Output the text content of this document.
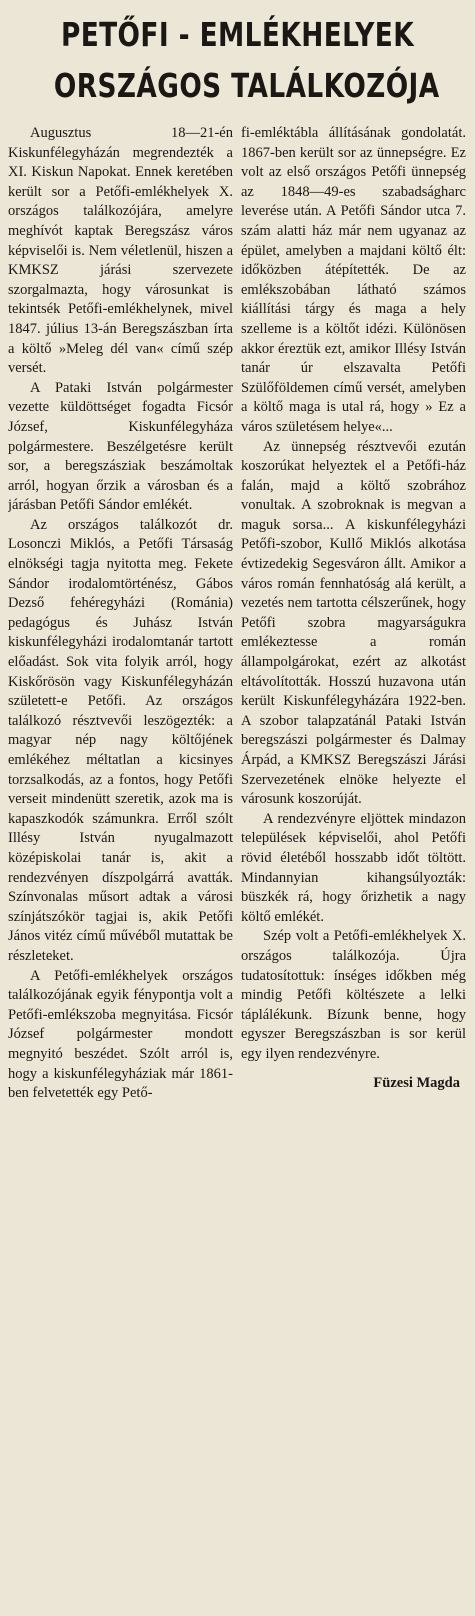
PETŐFI - EMLÉKHELYEK
ORSZÁGOS TALÁLKOZÓJA

Augusztus 18—21-én Kiskunfélegyházán megrendezték a XI. Kiskun Napokat. Ennek keretében került sor a Petőfi-emlékhelyek X. országos találkozójára, amelyre meghívót kaptak Beregszász város képviselői is. Nem véletlenül, hiszen a KMKSZ járási szervezete szorgalmazta, hogy városunkat is tekintsék Petőfi-emlékhelynek, mivel 1847. július 13-án Beregszászban írta a költő »Meleg dél van« című szép versét.

A Pataki István polgármester vezette küldöttséget fogadta Ficsór József, Kiskunfélegyháza polgármestere. Beszélgetésre került sor, a beregszásziak beszámoltak arról, hogyan őrzik a városban és a járásban Petőfi Sándor emlékét.

Az országos találkozót dr. Losonczi Miklós, a Petőfi Társaság elnökségi tagja nyitotta meg. Fekete Sándor irodalomtörténész, Gábos Dezső fehéregyházi (Románia) pedagógus és Juhász István kiskunfélegyházi irodalomtanár tartott előadást. Sok vita folyik arról, hogy Kiskőrösön vagy Kiskunfélegyházán született-e Petőfi. Az országos találkozó résztvevői leszögezték: a magyar nép nagy költőjének emlékéhez méltatlan a kicsinyes torzsalkodás, az a fontos, hogy Petőfi verseit mindenütt szeretik, azok ma is kapaszkodók számunkra. Erről szólt Illésy István nyugalmazott középiskolai tanár is, akit a rendezvényen díszpolgárrá avatták. Színvonalas műsort adtak a városi színjátszókör tagjai is, akik Petőfi János vitéz című művéből mutattak be részleteket.

A Petőfi-emlékhelyek országos találkozójának egyik fénypontja volt a Petőfi-emlékszoba megnyitása. Ficsór József polgármester mondott megnyitó beszédet. Szólt arról is, hogy a kiskunfélegyháziak már 1861-ben felvetették egy Pető-

fi-emléktábla állításának gondolatát. 1867-ben került sor az ünnepségre. Ez volt az első országos Petőfi ünnepség az 1848—49-es szabadságharc leverése után. A Petőfi Sándor utca 7. szám alatti ház már nem ugyanaz az épület, amelyben a majdani költő élt: időközben átépítették. De az emlékszobában látható számos kiállítási tárgy és maga a hely szelleme is a költőt idézi. Különösen akkor éreztük ezt, amikor Illésy István tanár úr elszavalta Petőfi Szülőföldemen című versét, amelyben a költő maga is utal rá, hogy » Ez a város születésem helye«...

Az ünnepség résztvevői ezután koszorúkat helyeztek el a Petőfi-ház falán, majd a költő szobrához vonultak. A szobroknak is megvan a maguk sorsa... A kiskunfélegyházi Petőfi-szobor, Kullő Miklós alkotása évtizedekig Segesváron állt. Amikor a város román fennhatóság alá került, a vezetés nem tartotta célszerűnek, hogy Petőfi szobra magyarságukra emlékeztesse a román állampolgárokat, ezért az alkotást eltávolították. Hosszú huzavona után került Kiskunfélegyházára 1922-ben. A szobor talapzatánál Pataki István beregszászi polgármester és Dalmay Árpád, a KMKSZ Beregszászi Járási Szervezetének elnöke helyezte el városunk koszorúját.

A rendezvényre eljöttek mindazon települések képviselői, ahol Petőfi rövid életéből hosszabb időt töltött. Mindannyian kihangsúlyozták: büszkék rá, hogy őrizhetik a nagy költő emlékét.

Szép volt a Petőfi-emlékhelyek X. országos találkozója. Újra tudatosítottuk: ínséges időkben még mindig Petőfi költészete a lelki táplálékunk. Bízunk benne, hogy egyszer Beregszászban is sor kerül egy ilyen rendezvényre.

Füzesi Magda
